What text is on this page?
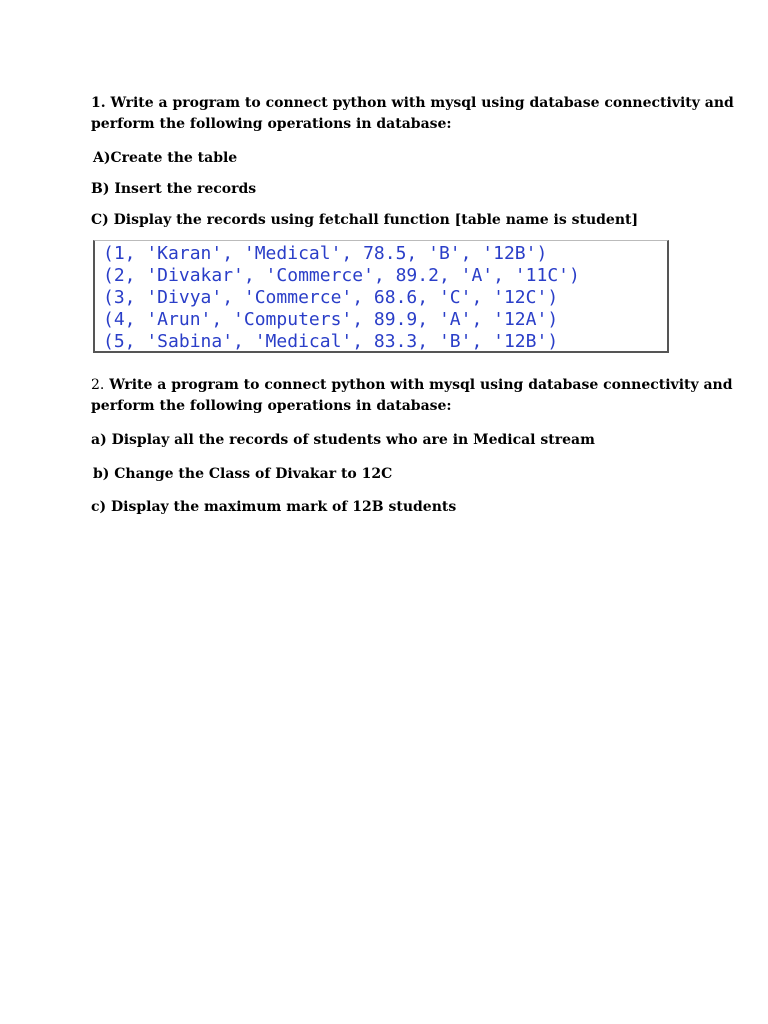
1. Write a program to connect python with mysql using database connectivity and
perform the following operations in database:
A)Create the table
B) Insert the records
C) Display the records using fetchall function [table name is student]
(1, 'Karan', 'Medical', 78.5, 'B', '12B')
(2, 'Divakar', 'Commerce', 89.2, 'A', '11C')
(3, 'Divya', 'Commerce', 68.6, 'C', '12C')
(4, 'Arun', 'Computers', 89.9, 'A', '12A')
(5, 'Sabina', 'Medical', 83.3, 'B', '12B')
2. Write a program to connect python with mysql using database connectivity and
perform the following operations in database:
a) Display all the records of students who are in Medical stream
b) Change the Class of Divakar to 12C
c) Display the maximum mark of 12B students
